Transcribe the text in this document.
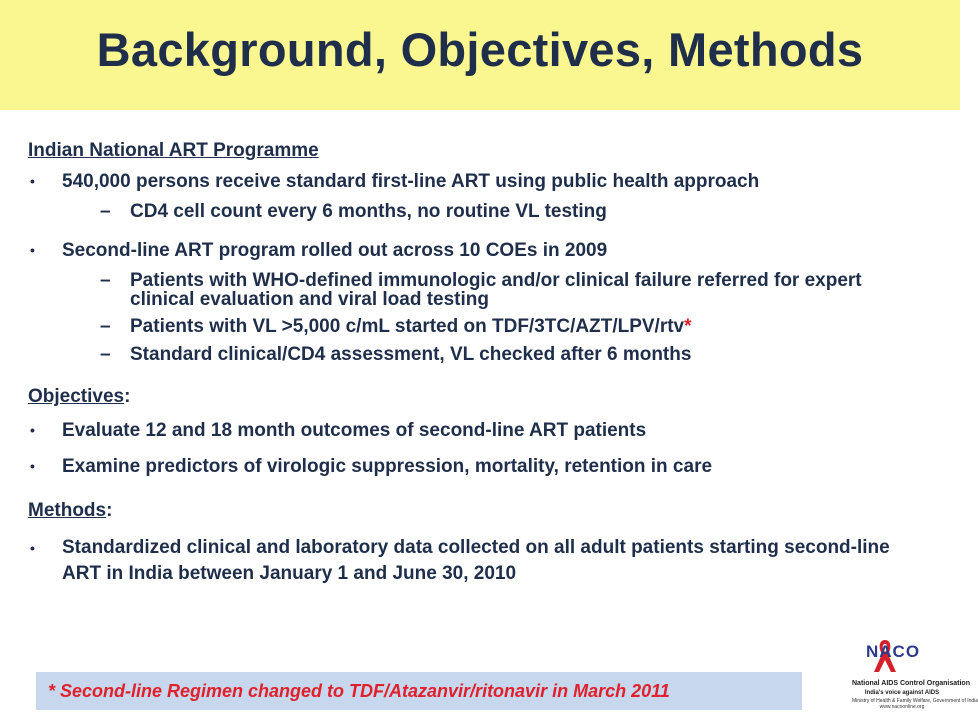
Background, Objectives, Methods

Indian National ART Programme

• 540,000 persons receive standard first-line ART using public health approach
– CD4 cell count every 6 months, no routine VL testing
• Second-line ART program rolled out across 10 COEs in 2009
– Patients with WHO-defined immunologic and/or clinical failure referred for expert clinical evaluation and viral load testing
– Patients with VL >5,000 c/mL started on TDF/3TC/AZT/LPV/rtv*
– Standard clinical/CD4 assessment, VL checked after 6 months

Objectives:

• Evaluate 12 and 18 month outcomes of second-line ART patients
• Examine predictors of virologic suppression, mortality, retention in care

Methods:

• Standardized clinical and laboratory data collected on all adult patients starting second-line ART in India between January 1 and June 30, 2010
* Second-line Regimen changed to TDF/Atazanvir/ritonavir in March 2011
NACO
National AIDS Control Organisation
India's voice against AIDS
Ministry of Health & Family Welfare, Government of India
www.nacoonline.org
